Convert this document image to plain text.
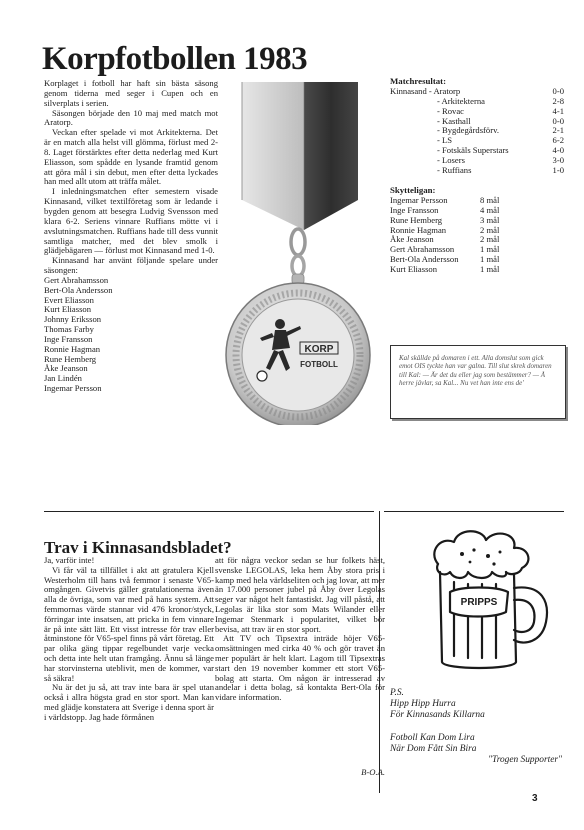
Korpfotbollen 1983

Korplaget i fotboll har haft sin bästa säsong genom tiderna med seger i Cupen och en silverplats i serien.

Säsongen började den 10 maj med match mot Aratorp.

Veckan efter spelade vi mot Arkitekterna. Det är en match alla helst vill glömma, förlust med 2-8. Laget förstärktes efter detta nederlag med Kurt Eliasson, som spådde en lysande framtid genom att göra mål i sin debut, men efter detta lyckades han med allt utom att träffa målet.

I inledningsmatchen efter semestern visade Kinnasand, vilket textilföretag som är ledande i bygden genom att besegra Ludvig Svensson med klara 6-2. Seriens vinnare Ruffians mötte vi i avslutningsmatchen. Ruffians hade till dess vunnit samtliga matcher, med det blev smolk i glädjebägaren — förlust mot Kinnasand med 1-0.

Kinnasand har använt följande spelare under säsongen:

Gert Abrahamsson
Bert-Ola Andersson
Evert Eliasson
Kurt Eliasson
Johnny Eriksson
Thomas Farby
Inge Fransson
Ronnie Hagman
Rune Hemberg
Åke Jeanson
Jan Lindén
Ingemar Persson
KORP
FOTBOLL
Matchresultat:
Kinnasand - Aratorp	0-0
- Arkitekterna	2-8
- Rovac	4-1
- Kasthall	0-0
- Bygdegårdsförv.	2-1
- LS	6-2
- Fotskäls Superstars	4-0
- Losers	3-0
- Ruffians	1-0
Skytteligan:
Ingemar Persson	8 mål
Inge Fransson	4 mål
Rune Hemberg	3 mål
Ronnie Hagman	2 mål
Åke Jeanson	2 mål
Gert Abrahamsson	1 mål
Bert-Ola Andersson	1 mål
Kurt Eliasson	1 mål
Kal skällde på domaren i ett. Alla domslut som gick emot OIS tyckte han var galna. Till slut skrek domaren till Kal: — Är det du eller jag som bestämmer? — Å herre jävlar, sa Kal... Nu vet han inte ens de'
Trav i Kinnasandsbladet?

Ja, varför inte!

Vi får väl ta tillfället i akt att gratulera Kjell Westerholm till hans två femmor i senaste V65-omgången. Givetvis gäller gratulationerna även alla de övriga, som var med på hans system. Att femmornas värde stannar vid 476 kronor/styck, förringar inte insatsen, att pricka in fem vinnare är på inte sätt lätt. Ett visst intresse för trav eller åtminstone för V65-spel finns på vårt företag. Ett par olika gäng tippar regelbundet varje vecka och detta inte helt utan framgång. Ännu så länge har storvinsterna uteblivit, men de kommer, var så säkra!

Nu är det ju så, att trav inte bara är spel utan också i allra högsta grad en stor sport. Man kan med glädje konstatera att Sverige i denna sport är i världstopp. Jag hade förmånen

att för några veckor sedan se hur folkets häst, svenske LEGOLAS, leka hem Åby stora pris i kamp med hela världseliten och jag lovar, att mer än 17.000 personer jubel på Åby över Legolas seger var något helt fantastiskt. Jag vill påstå, att Legolas är lika stor som Mats Wilander eller Ingemar Stenmark i popularitet, vilket bör bevisa, att trav är en stor sport.

Att TV och Tipsextra inträde höjer V65-omsättningen med cirka 40 % och gör travet än mer populärt är helt klart. Lagom till Tipsextras start den 19 november kommer ett stort V65-bolag att starta. Om någon är intresserad av andelar i detta bolag, så kontakta Bert-Ola för vidare information.

B-O.A.
PRIPPS
P.S.
Hipp Hipp Hurra
För Kinnasands Killarna
Fotboll Kan Dom Lira
När Dom Fått Sin Bira
"Trogen Supporter"
3
